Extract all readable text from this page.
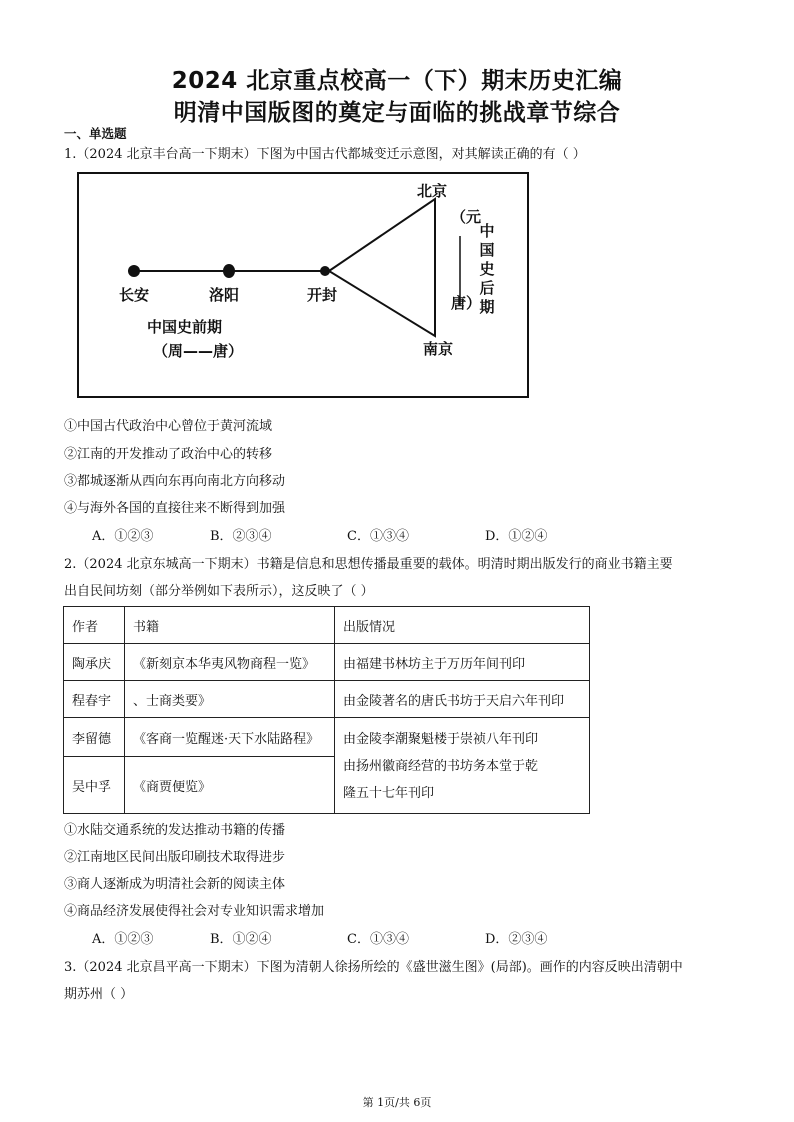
2024 北京重点校高一（下）期末历史汇编
明清中国版图的奠定与面临的挑战章节综合
一、单选题
1.（2024 北京丰台高一下期末）下图为中国古代都城变迁示意图，对其解读正确的有（ ）
北京
长安	洛阳	开封
中国史前期
（周——唐）	南京
（元
唐）
中国史后期
①中国古代政治中心曾位于黄河流域
②江南的开发推动了政治中心的转移
③都城逐渐从西向东再向南北方向移动
④与海外各国的直接往来不断得到加强
A．①②③	B．②③④	C．①③④	D．①②④
2.（2024 北京东城高一下期末）书籍是信息和思想传播最重要的载体。明清时期出版发行的商业书籍主要
出自民间坊刻（部分举例如下表所示），这反映了（ ）
作者	书籍	出版情况
陶承庆	《新刻京本华夷风物商程一览》	由福建书林坊主于万历年间刊印
程春宇	、士商类要》	由金陵著名的唐氏书坊于天启六年刊印
李留德	《客商一览醒迷·天下水陆路程》	由金陵李潮聚魁楼于崇祯八年刊印
由扬州徽商经营的书坊务本堂于乾
隆五十七年刊印

吴中孚	《商贾便览》	
①水陆交通系统的发达推动书籍的传播
②江南地区民间出版印刷技术取得进步
③商人逐渐成为明清社会新的阅读主体
④商品经济发展使得社会对专业知识需求增加
A．①②③	B．①②④	C．①③④	D．②③④
3.（2024 北京昌平高一下期末）下图为清朝人徐扬所绘的《盛世滋生图》(局部)。画作的内容反映出清朝中
期苏州（ ）
第 1页/共 6页
